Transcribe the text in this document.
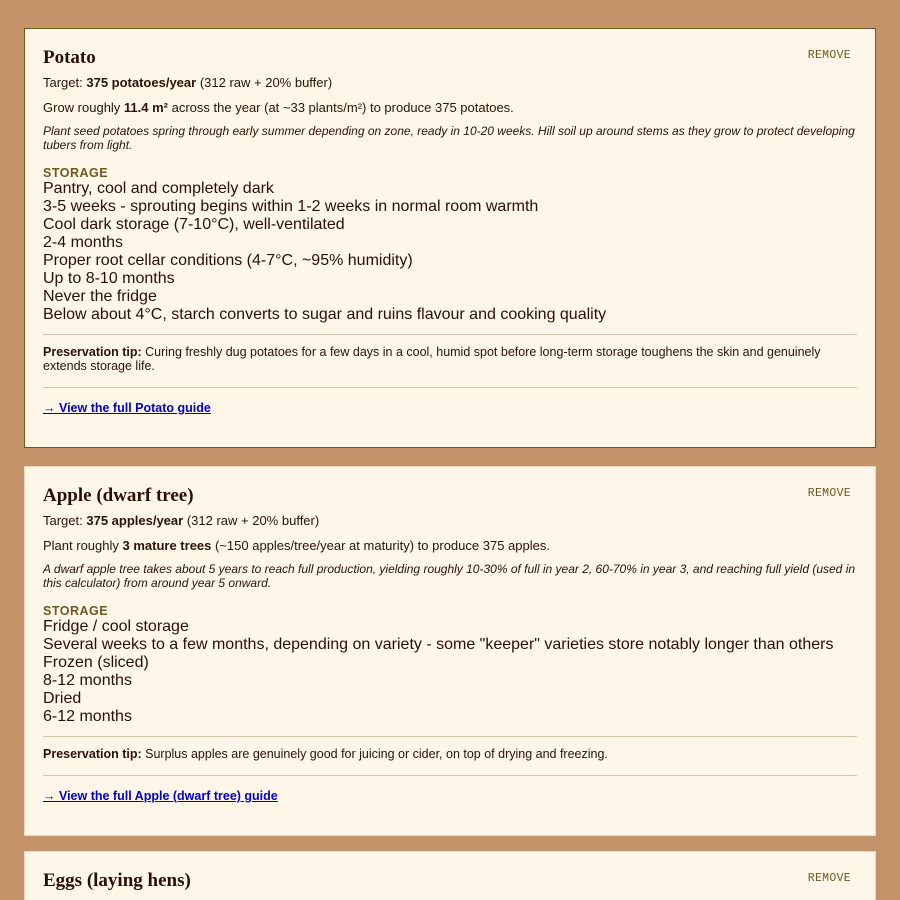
Potato	REMOVE
Target: 375 potatoes/year (312 raw + 20% buffer)
Grow roughly 11.4 m² across the year (at ~33 plants/m²) to produce 375 potatoes.
Plant seed potatoes spring through early summer depending on zone, ready in 10-20 weeks. Hill soil up around stems as they grow to protect developing tubers from light.
STORAGE
Pantry, cool and completely dark
3-5 weeks - sprouting begins within 1-2 weeks in normal room warmth
Cool dark storage (7-10°C), well-ventilated
2-4 months
Proper root cellar conditions (4-7°C, ~95% humidity)
Up to 8-10 months
Never the fridge
Below about 4°C, starch converts to sugar and ruins flavour and cooking quality
Preservation tip: Curing freshly dug potatoes for a few days in a cool, humid spot before long-term storage toughens the skin and genuinely extends storage life.
→ View the full Potato guide
Apple (dwarf tree)	REMOVE
Target: 375 apples/year (312 raw + 20% buffer)
Plant roughly 3 mature trees (~150 apples/tree/year at maturity) to produce 375 apples.
A dwarf apple tree takes about 5 years to reach full production, yielding roughly 10-30% of full in year 2, 60-70% in year 3, and reaching full yield (used in this calculator) from around year 5 onward.
STORAGE
Fridge / cool storage
Several weeks to a few months, depending on variety - some "keeper" varieties store notably longer than others
Frozen (sliced)
8-12 months
Dried
6-12 months
Preservation tip: Surplus apples are genuinely good for juicing or cider, on top of drying and freezing.
→ View the full Apple (dwarf tree) guide
Eggs (laying hens)	REMOVE
